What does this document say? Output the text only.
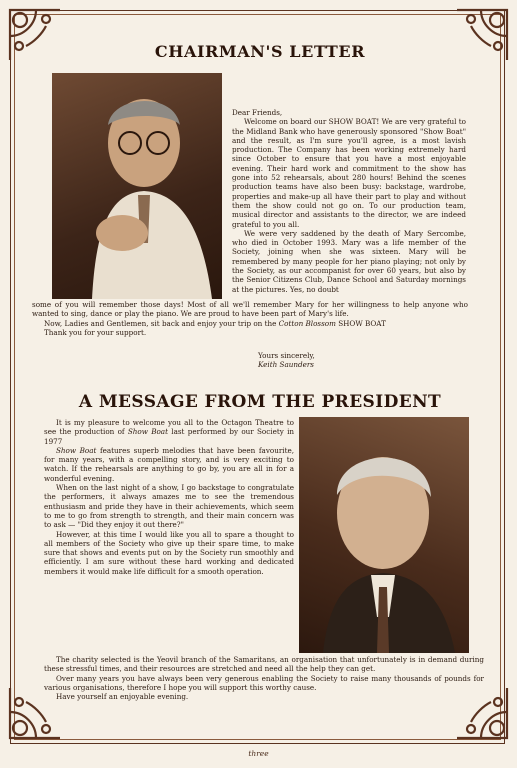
CHAIRMAN'S LETTER

Dear Friends,

Welcome on board our SHOW BOAT! We are very grateful to the Midland Bank who have generously sponsored "Show Boat" and the result, as I'm sure you'll agree, is a most lavish production. The Company has been working extremely hard since October to ensure that you have a most enjoyable evening. Their hard work and commitment to the show has gone into 52 rehearsals, about 280 hours! Behind the scenes production teams have also been busy: backstage, wardrobe, properties and make-up all have their part to play and without them the show could not go on. To our production team, musical director and assistants to the director, we are indeed grateful to you all.

We were very saddened by the death of Mary Sercombe, who died in October 1993. Mary was a life member of the Society, joining when she was sixteen. Mary will be remembered by many people for her piano playing; not only by the Society, as our accompanist for over 60 years, but also by the Senior Citizens Club, Dance School and Saturday mornings at the pictures. Yes, no doubt

some of you will remember those days! Most of all we'll remember Mary for her willingness to help anyone who wanted to sing, dance or play the piano. We are proud to have been part of Mary's life.

Now, Ladies and Gentlemen, sit back and enjoy your trip on the Cotton Blossom SHOW BOAT

Thank you for your support.

Yours sincerely,
Keith Saunders
A MESSAGE FROM THE PRESIDENT

It is my pleasure to welcome you all to the Octagon Theatre to see the production of Show Boat last performed by our Society in 1977

Show Boat features superb melodies that have been favourite, for many years, with a compelling story, and is very exciting to watch. If the rehearsals are anything to go by, you are all in for a wonderful evening.

When on the last night of a show, I go backstage to congratulate the performers, it always amazes me to see the tremendous enthusiasm and pride they have in their achievements, which seem to me to go from strength to strength, and their main concern was to ask — "Did they enjoy it out there?"

However, at this time I would like you all to spare a thought to all members of the Society who give up their spare time, to make sure that shows and events put on by the Society run smoothly and efficiently. I am sure without these hard working and dedicated members it would make life difficult for a smooth operation.

The charity selected is the Yeovil branch of the Samaritans, an organisation that unfortunately is in demand during these stressful times, and their resources are stretched and need all the help they can get.

Over many years you have always been very generous enabling the Society to raise many thousands of pounds for various organisations, therefore I hope you will support this worthy cause.

Have yourself an enjoyable evening.

three
